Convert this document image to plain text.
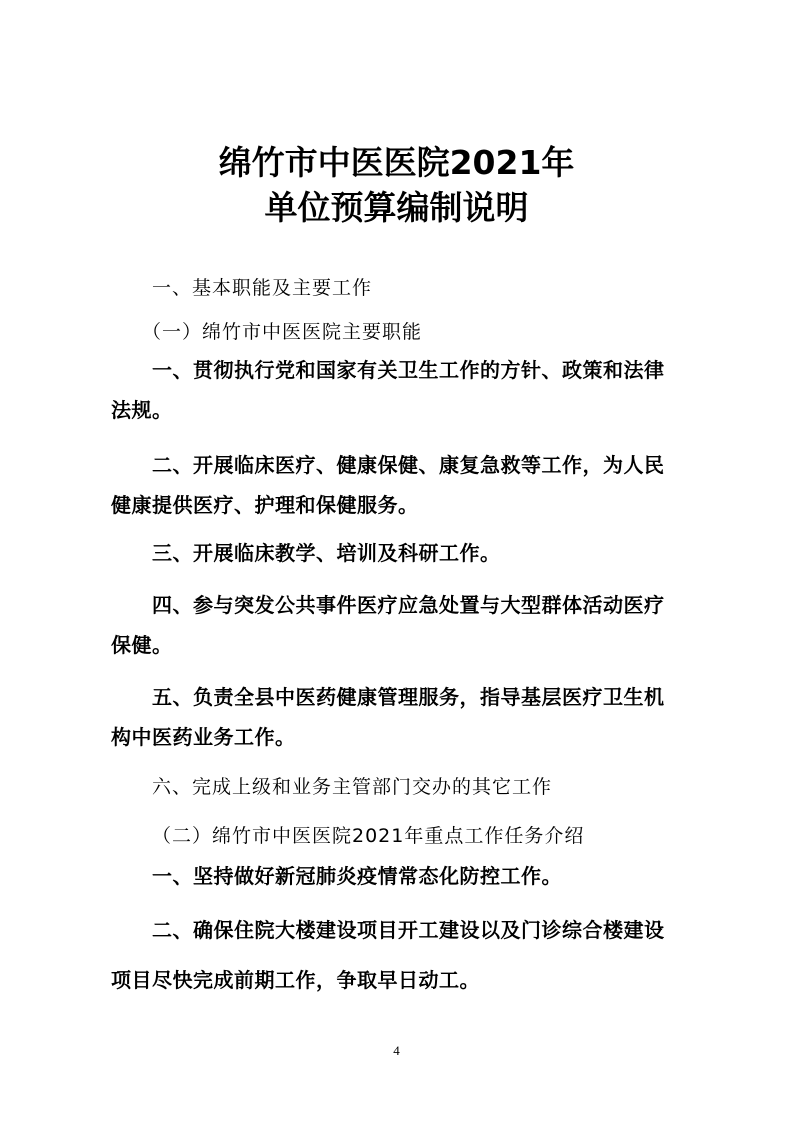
绵竹市中医医院2021年
单位预算编制说明
一、基本职能及主要工作
（一）绵竹市中医医院主要职能
一、贯彻执行党和国家有关卫生工作的方针、政策和法律
法规。
二、开展临床医疗、健康保健、康复急救等工作，为人民
健康提供医疗、护理和保健服务。
三、开展临床教学、培训及科研工作。
四、参与突发公共事件医疗应急处置与大型群体活动医疗
保健。
五、负责全县中医药健康管理服务，指导基层医疗卫生机
构中医药业务工作。
六、完成上级和业务主管部门交办的其它工作
（二）绵竹市中医医院2021年重点工作任务介绍
一、坚持做好新冠肺炎疫情常态化防控工作。
二、确保住院大楼建设项目开工建设以及门诊综合楼建设
项目尽快完成前期工作，争取早日动工。
4
